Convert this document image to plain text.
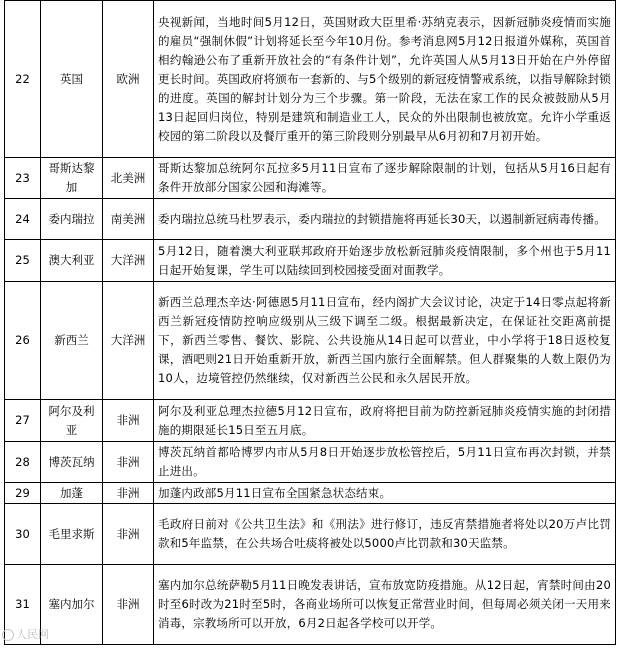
22	英国	欧洲	央视新闻，当地时间5月12日，英国财政大臣里希·苏纳克表示，因新冠肺炎疫情而实施的雇员“强制休假”计划将延长至今年10月份。参考消息网5月12日报道外媒称，英国首相约翰逊公布了重新开放社会的“有条件计划”，允许英国人从5月13日开始在户外停留更长时间。英国政府将颁布一套新的、与5个级别的新冠疫情警戒系统，以指导解除封锁的进度。英国的解封计划分为三个步骤。第一阶段，无法在家工作的民众被鼓励从5月13日起回归岗位，特别是建筑和制造业工人，民众的外出限制也被放宽。允许小学重返校园的第二阶段以及餐厅重开的第三阶段则分别最早从6月初和7月初开始。
23	哥斯达黎加	北美洲	哥斯达黎加总统阿尔瓦拉多5月11日宣布了逐步解除限制的计划，包括从5月16日起有条件开放部分国家公园和海滩等。
24	委内瑞拉	南美洲	委内瑞拉总统马杜罗表示，委内瑞拉的封锁措施将再延长30天，以遏制新冠病毒传播。
25	澳大利亚	大洋洲	5月12日，随着澳大利亚联邦政府开始逐步放松新冠肺炎疫情限制，多个州也于5月11日起开始复课，学生可以陆续回到校园接受面对面教学。
26	新西兰	大洋洲	新西兰总理杰辛达·阿德恩5月11日宣布，经内阁扩大会议讨论，决定于14日零点起将新西兰新冠疫情防控响应级别从三级下调至二级。根据最新决定，在保证社交距离前提下，新西兰零售、餐饮、影院、公共设施从14日起可以营业，中小学将于18日返校复课，酒吧则21日开始重新开放，新西兰国内旅行全面解禁。但人群聚集的人数上限仍为10人，边境管控仍然继续，仅对新西兰公民和永久居民开放。
27	阿尔及利亚	非洲	阿尔及利亚总理杰拉德5月12日宣布，政府将把目前为防控新冠肺炎疫情实施的封闭措施的期限延长15日至五月底。
28	博茨瓦纳	非洲	博茨瓦纳首都哈博罗内市从5月8日开始逐步放松管控后，5月11日宣布再次封锁，并禁止进出。
29	加蓬	非洲	加蓬内政部5月11日宣布全国紧急状态结束。
30	毛里求斯	非洲	毛政府日前对《公共卫生法》和《刑法》进行修订，违反宵禁措施者将处以20万卢比罚款和5年监禁，在公共场合吐痰将被处以5000卢比罚款和30天监禁。
31	塞内加尔	非洲	塞内加尔总统萨勒5月11日晚发表讲话，宣布放宽防疫措施。从12日起，宵禁时间由20时至6时改为21时至5时，各商业场所可以恢复正常营业时间，但每周必须关闭一天用来消毒，宗教场所可以开放，6月2日起各学校可以开学。
人民网
